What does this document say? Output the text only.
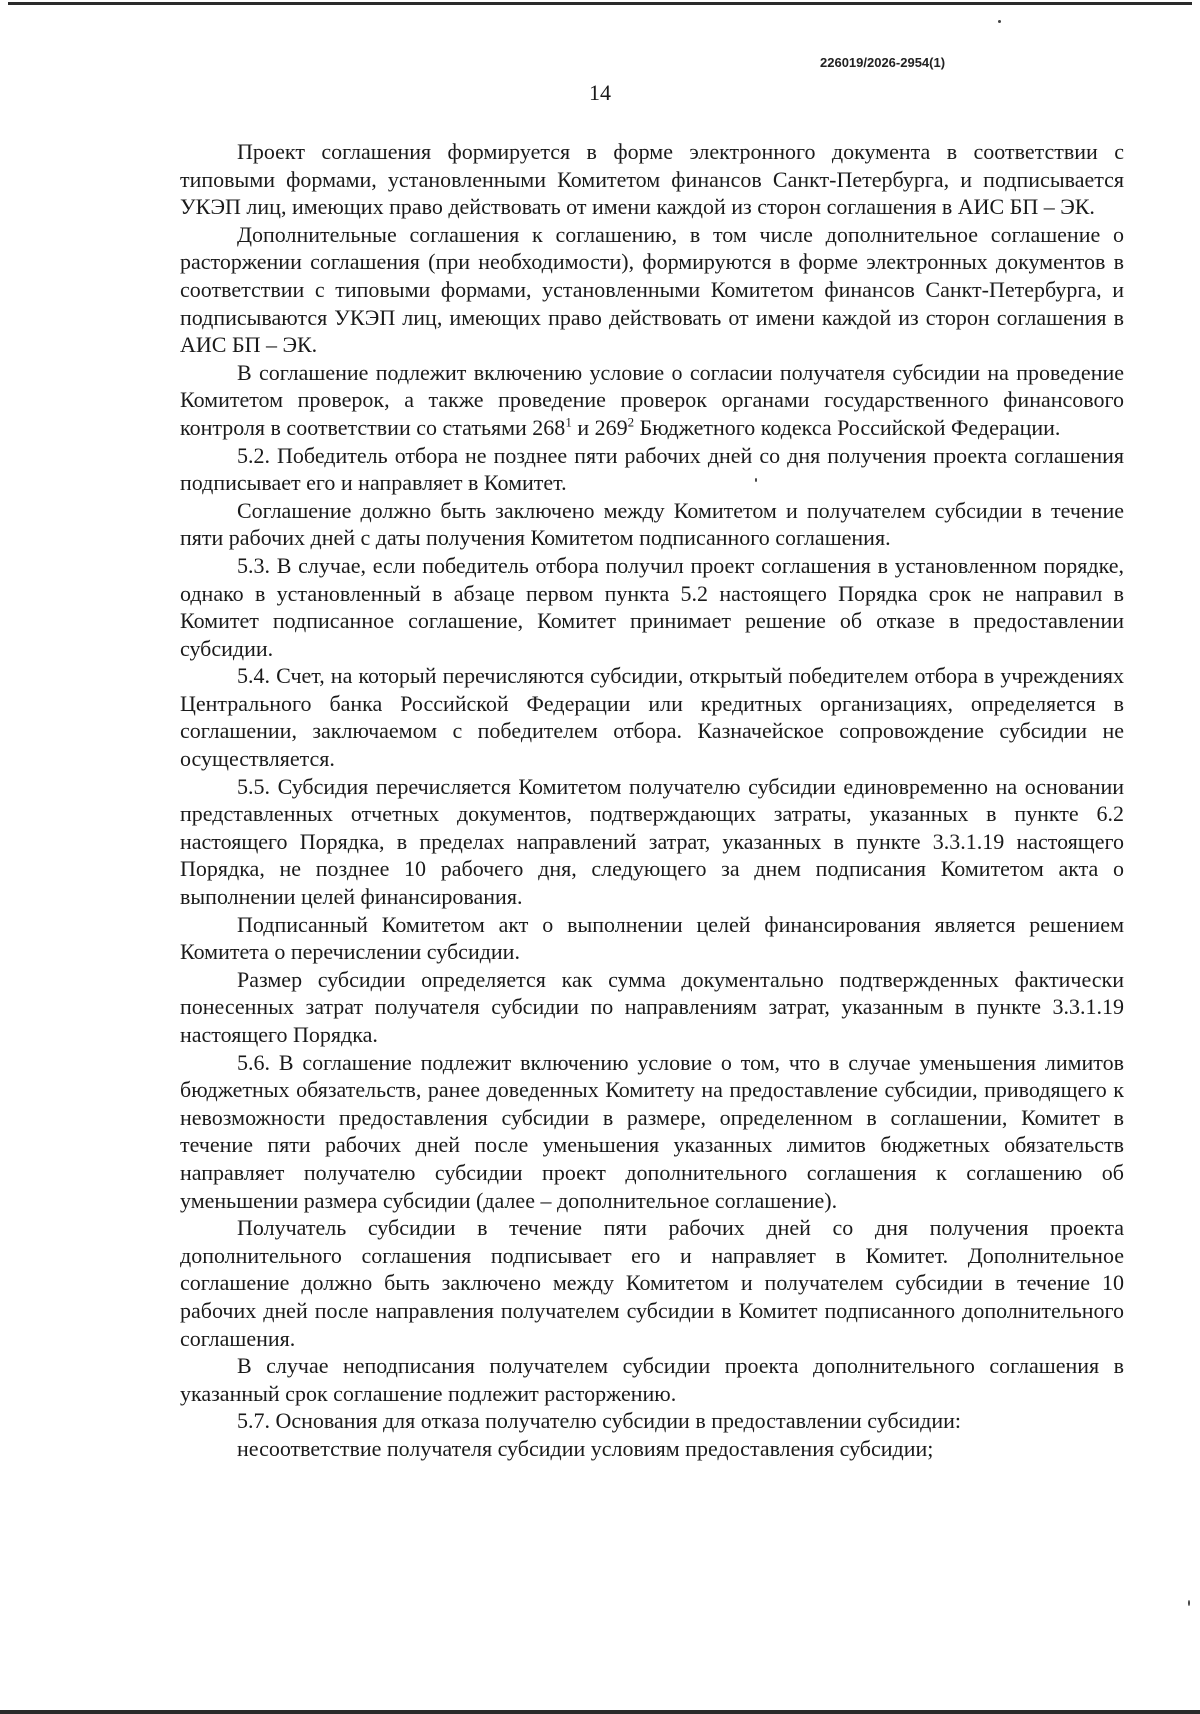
226019/2026-2954(1)
14

Проект соглашения формируется в форме электронного документа в соответствии с типовыми формами, установленными Комитетом финансов Санкт-Петербурга, и подписывается УКЭП лиц, имеющих право действовать от имени каждой из сторон соглашения в АИС БП – ЭК.

Дополнительные соглашения к соглашению, в том числе дополнительное соглашение о расторжении соглашения (при необходимости), формируются в форме электронных документов в соответствии с типовыми формами, установленными Комитетом финансов Санкт-Петербурга, и подписываются УКЭП лиц, имеющих право действовать от имени каждой из сторон соглашения в АИС БП – ЭК.

В соглашение подлежит включению условие о согласии получателя субсидии на проведение Комитетом проверок, а также проведение проверок органами государственного финансового контроля в соответствии со статьями $268^1$ и $269^2$ Бюджетного кодекса Российской Федерации.

5.2. Победитель отбора не позднее пяти рабочих дней со дня получения проекта соглашения подписывает его и направляет в Комитет.

Соглашение должно быть заключено между Комитетом и получателем субсидии в течение пяти рабочих дней с даты получения Комитетом подписанного соглашения.

5.3. В случае, если победитель отбора получил проект соглашения в установленном порядке, однако в установленный в абзаце первом пункта 5.2 настоящего Порядка срок не направил в Комитет подписанное соглашение, Комитет принимает решение об отказе в предоставлении субсидии.

5.4. Счет, на который перечисляются субсидии, открытый победителем отбора в учреждениях Центрального банка Российской Федерации или кредитных организациях, определяется в соглашении, заключаемом с победителем отбора. Казначейское сопровождение субсидии не осуществляется.

5.5. Субсидия перечисляется Комитетом получателю субсидии единовременно на основании представленных отчетных документов, подтверждающих затраты, указанных в пункте 6.2 настоящего Порядка, в пределах направлений затрат, указанных в пункте 3.3.1.19 настоящего Порядка, не позднее 10 рабочего дня, следующего за днем подписания Комитетом акта о выполнении целей финансирования.

Подписанный Комитетом акт о выполнении целей финансирования является решением Комитета о перечислении субсидии.

Размер субсидии определяется как сумма документально подтвержденных фактически понесенных затрат получателя субсидии по направлениям затрат, указанным в пункте 3.3.1.19 настоящего Порядка.

5.6. В соглашение подлежит включению условие о том, что в случае уменьшения лимитов бюджетных обязательств, ранее доведенных Комитету на предоставление субсидии, приводящего к невозможности предоставления субсидии в размере, определенном в соглашении, Комитет в течение пяти рабочих дней после уменьшения указанных лимитов бюджетных обязательств направляет получателю субсидии проект дополнительного соглашения к соглашению об уменьшении размера субсидии (далее – дополнительное соглашение).

Получатель субсидии в течение пяти рабочих дней со дня получения проекта дополнительного соглашения подписывает его и направляет в Комитет. Дополнительное соглашение должно быть заключено между Комитетом и получателем субсидии в течение 10 рабочих дней после направления получателем субсидии в Комитет подписанного дополнительного соглашения.

В случае неподписания получателем субсидии проекта дополнительного соглашения в указанный срок соглашение подлежит расторжению.

5.7. Основания для отказа получателю субсидии в предоставлении субсидии:

несоответствие получателя субсидии условиям предоставления субсидии;
